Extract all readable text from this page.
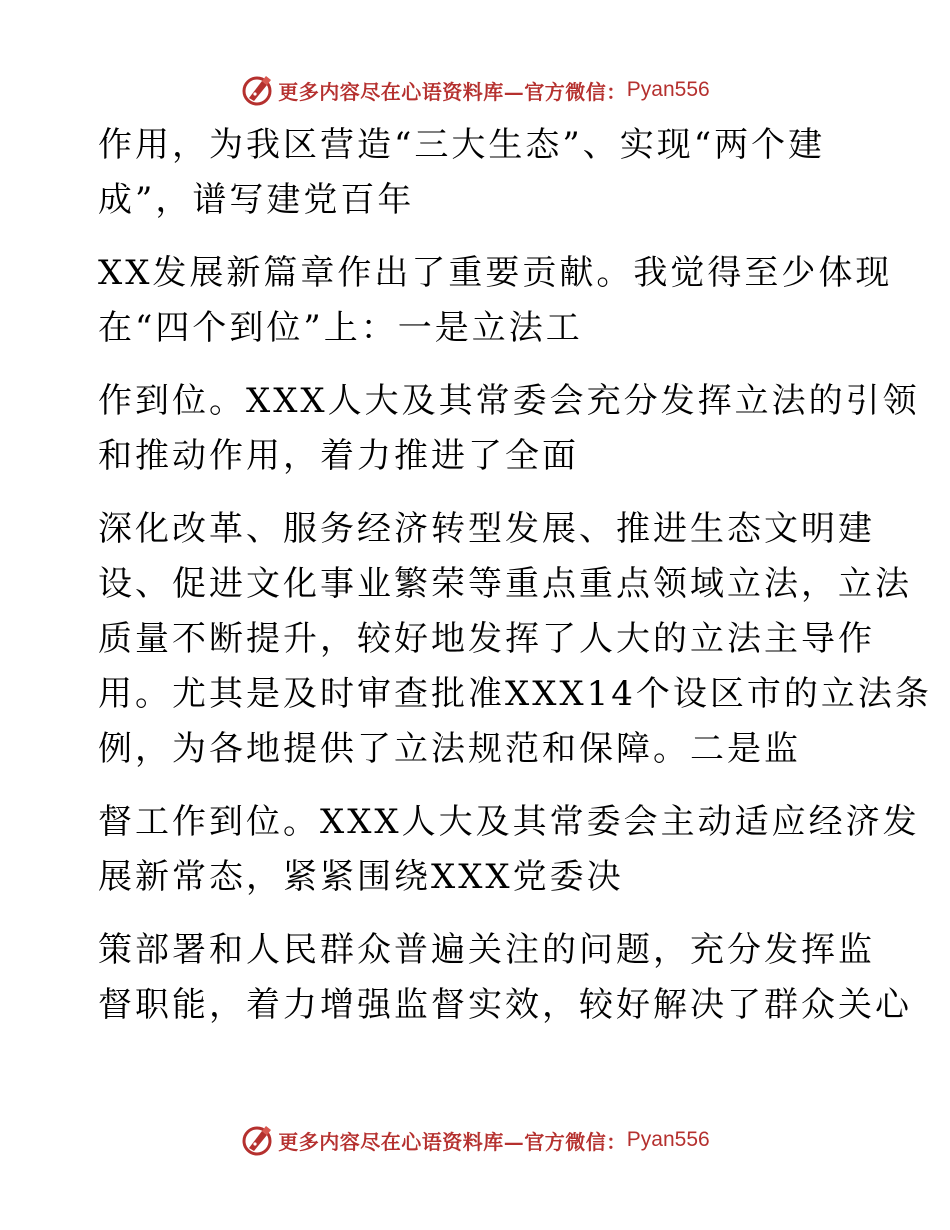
更多内容尽在心语资料库—官方微信： Pyan556

作用，为我区营造“三大生态”、实现“两个建
成”，谱写建党百年

XX发展新篇章作出了重要贡献。我觉得至少体现
在“四个到位”上：一是立法工

作到位。XXX人大及其常委会充分发挥立法的引领
和推动作用，着力推进了全面

深化改革、服务经济转型发展、推进生态文明建
设、促进文化事业繁荣等重点重点领域立法，立法
质量不断提升，较好地发挥了人大的立法主导作
用。尤其是及时审查批准XXX14个设区市的立法条
例，为各地提供了立法规范和保障。二是监

督工作到位。XXX人大及其常委会主动适应经济发
展新常态，紧紧围绕XXX党委决

策部署和人民群众普遍关注的问题，充分发挥监
督职能，着力增强监督实效，较好解决了群众关心

更多内容尽在心语资料库—官方微信： Pyan556
